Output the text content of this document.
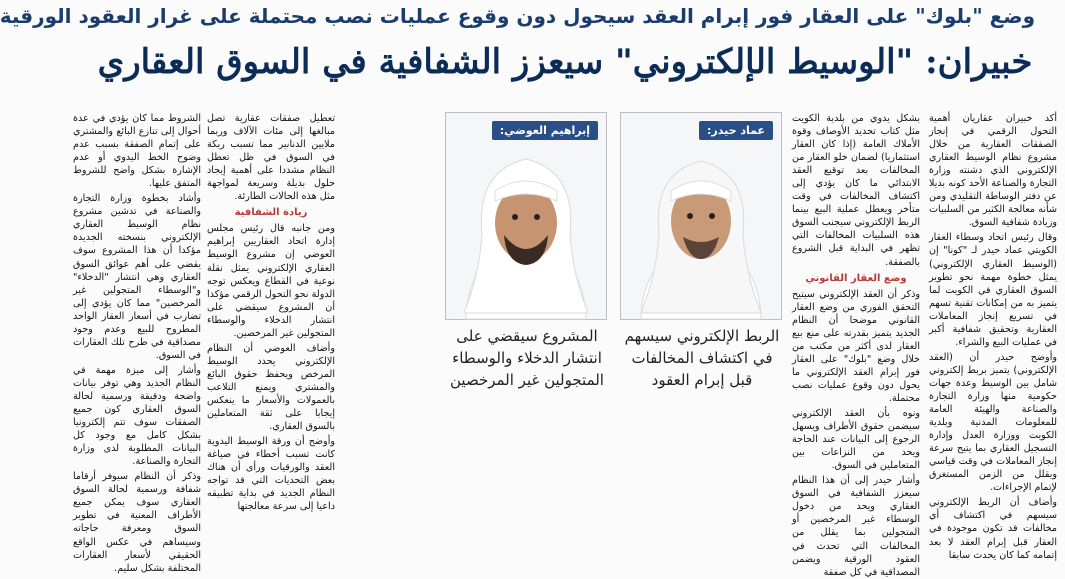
وضع "بلوك" على العقار فور إبرام العقد سيحول دون وقوع عمليات نصب محتملة على غرار العقود الورقية
خبيران: "الوسيط الإلكتروني" سيعزز الشفافية في السوق العقاري

أكد خبيران عقاريان أهمية التحول الرقمي في إنجاز الصفقات العقارية من خلال مشروع نظام الوسيط العقاري الإلكتروني الذي دشنته وزارة التجارة والصناعة الأحد كونه بديلا عن دفتر الوساطة التقليدي ومن شأنه معالجة الكثير من السلبيات وزيادة شفافية السوق.

وقال رئيس اتحاد وسطاء العقار الكويتي عماد حيدر لـ "كونا" إن (الوسيط العقاري الإلكتروني) يمثل خطوة مهمة نحو تطوير السوق العقاري في الكويت لما يتميز به من إمكانات تقنية تسهم في تسريع إنجاز المعاملات العقارية وتحقيق شفافية أكبر في عمليات البيع والشراء.

وأوضح حيدر أن (العقد الإلكتروني) يتميز بربط إلكتروني شامل بين الوسيط وعدة جهات حكومية منها وزارة التجارة والصناعة والهيئة العامة للمعلومات المدنية وبلدية الكويت ووزارة العدل وإدارة التسجيل العقاري بما يتيح سرعة إنجاز المعاملات في وقت قياسي ويقلل من الزمن المستغرق لإتمام الإجراءات.

وأضاف أن الربط الإلكتروني سيسهم في اكتشاف أي مخالفات قد تكون موجودة في العقار قبل إبرام العقد لا بعد إتمامه كما كان يحدث سابقا

بشكل يدوي من بلدية الكويت مثل كتاب تحديد الأوصاف وقوة الأملاك العامة (إذا كان العقار استثماريا) لضمان خلو العقار من المخالفات بعد توقيع العقد الابتدائي ما كان يؤدي إلى اكتشاف المخالفات في وقت متأخر ويعطل عملية البيع بينما الربط الإلكتروني سيجنب السوق هذه السلبيات المخالفات التي تظهر في البداية قبل الشروع بالصفقة.

وضع العقار القانوني

وذكر أن العقد الإلكتروني سيتيح التحقق الفوري من وضع العقار القانوني موضحا أن النظام الجديد يتميز بقدرته على منع بيع العقار لدى أكثر من مكتب من خلال وضع "بلوك" على العقار فور إبرام العقد الإلكتروني ما يحول دون وقوع عمليات نصب محتملة.

ونوه بأن العقد الإلكتروني سيضمن حقوق الأطراف ويسهل الرجوع إلى البيانات عند الحاجة ويحد من النزاعات بين المتعاملين في السوق.

وأشار حيدر إلى أن هذا النظام سيعزز الشفافية في السوق العقاري ويحد من دخول الوسطاء غير المرخصين أو المتجولين بما يقلل من المخالفات التي تحدث في العقود الورقية ويضمن المصداقية في كل صفقة

عماد حيدر:
الربط الإلكتروني سيسهم في اكتشاف المخالفات قبل إبرام العقود
إبراهيم العوضي:
المشروع سيقضي على انتشار الدخلاء والوسطاء المتجولين غير المرخصين

تعطيل صفقات عقارية تصل مبالغها إلى مئات الآلاف وربما ملايين الدنانير مما تسبب ربكة في السوق في ظل تعطل النظام مشددا على أهمية إيجاد حلول بديلة وسريعة لمواجهة مثل هذه الحالات الطارئة.

زيادة الشفافية

ومن جانبه قال رئيس مجلس إدارة اتحاد العقاريين إبراهيم العوضي إن مشروع الوسيط العقاري الإلكتروني يمثل نقلة نوعية في القطاع ويعكس توجه الدولة نحو التحول الرقمي مؤكدا أن المشروع سيقضي على انتشار الدخلاء والوسطاء المتجولين غير المرخصين.

وأضاف العوضي أن النظام الإلكتروني يحدد الوسيط المرخص ويحفظ حقوق البائع والمشتري ويمنع التلاعب بالعمولات والأسعار ما ينعكس إيجابا على ثقة المتعاملين بالسوق العقاري.

وأوضح أن ورقة الوسيط اليدوية كانت تسبب أخطاء في صياغة العقد والورقيات ورأى أن هناك بعض التحديات التي قد تواجه النظام الجديد في بداية تطبيقه داعيا إلى سرعة معالجتها

الشروط مما كان يؤدي في عدة أحوال إلى تنازع البائع والمشتري على إتمام الصفقة بسبب عدم وضوح الخط اليدوي أو عدم الإشارة بشكل واضح للشروط المتفق عليها.

وأشاد بخطوة وزارة التجارة والصناعة في تدشين مشروع نظام الوسيط العقاري الإلكتروني بنسخته الجديدة مؤكدا أن هذا المشروع سوف يقضي على أهم عوائق السوق العقاري وهي انتشار "الدخلاء" و"الوسطاء المتجولين غير المرخصين" مما كان يؤدي إلى تضارب في أسعار العقار الواحد المطروح للبيع وعدم وجود مصداقية في طرح تلك العقارات في السوق.

وأشار إلى ميزة مهمة في النظام الجديد وهي توفر بيانات واضحة ودقيقة ورسمية لحالة السوق العقاري كون جميع الصفقات سوف تتم إلكترونيا بشكل كامل مع وجود كل البيانات المطلوبة لدى وزارة التجارة والصناعة.

وذكر أن النظام سيوفر أرقاما شفافة ورسمية لحالة السوق العقاري سوف يمكن جميع الأطراف المعنية في تطوير السوق ومعرفة حاجاته وسيساهم في عكس الواقع الحقيقي لأسعار العقارات المختلفة بشكل سليم.
